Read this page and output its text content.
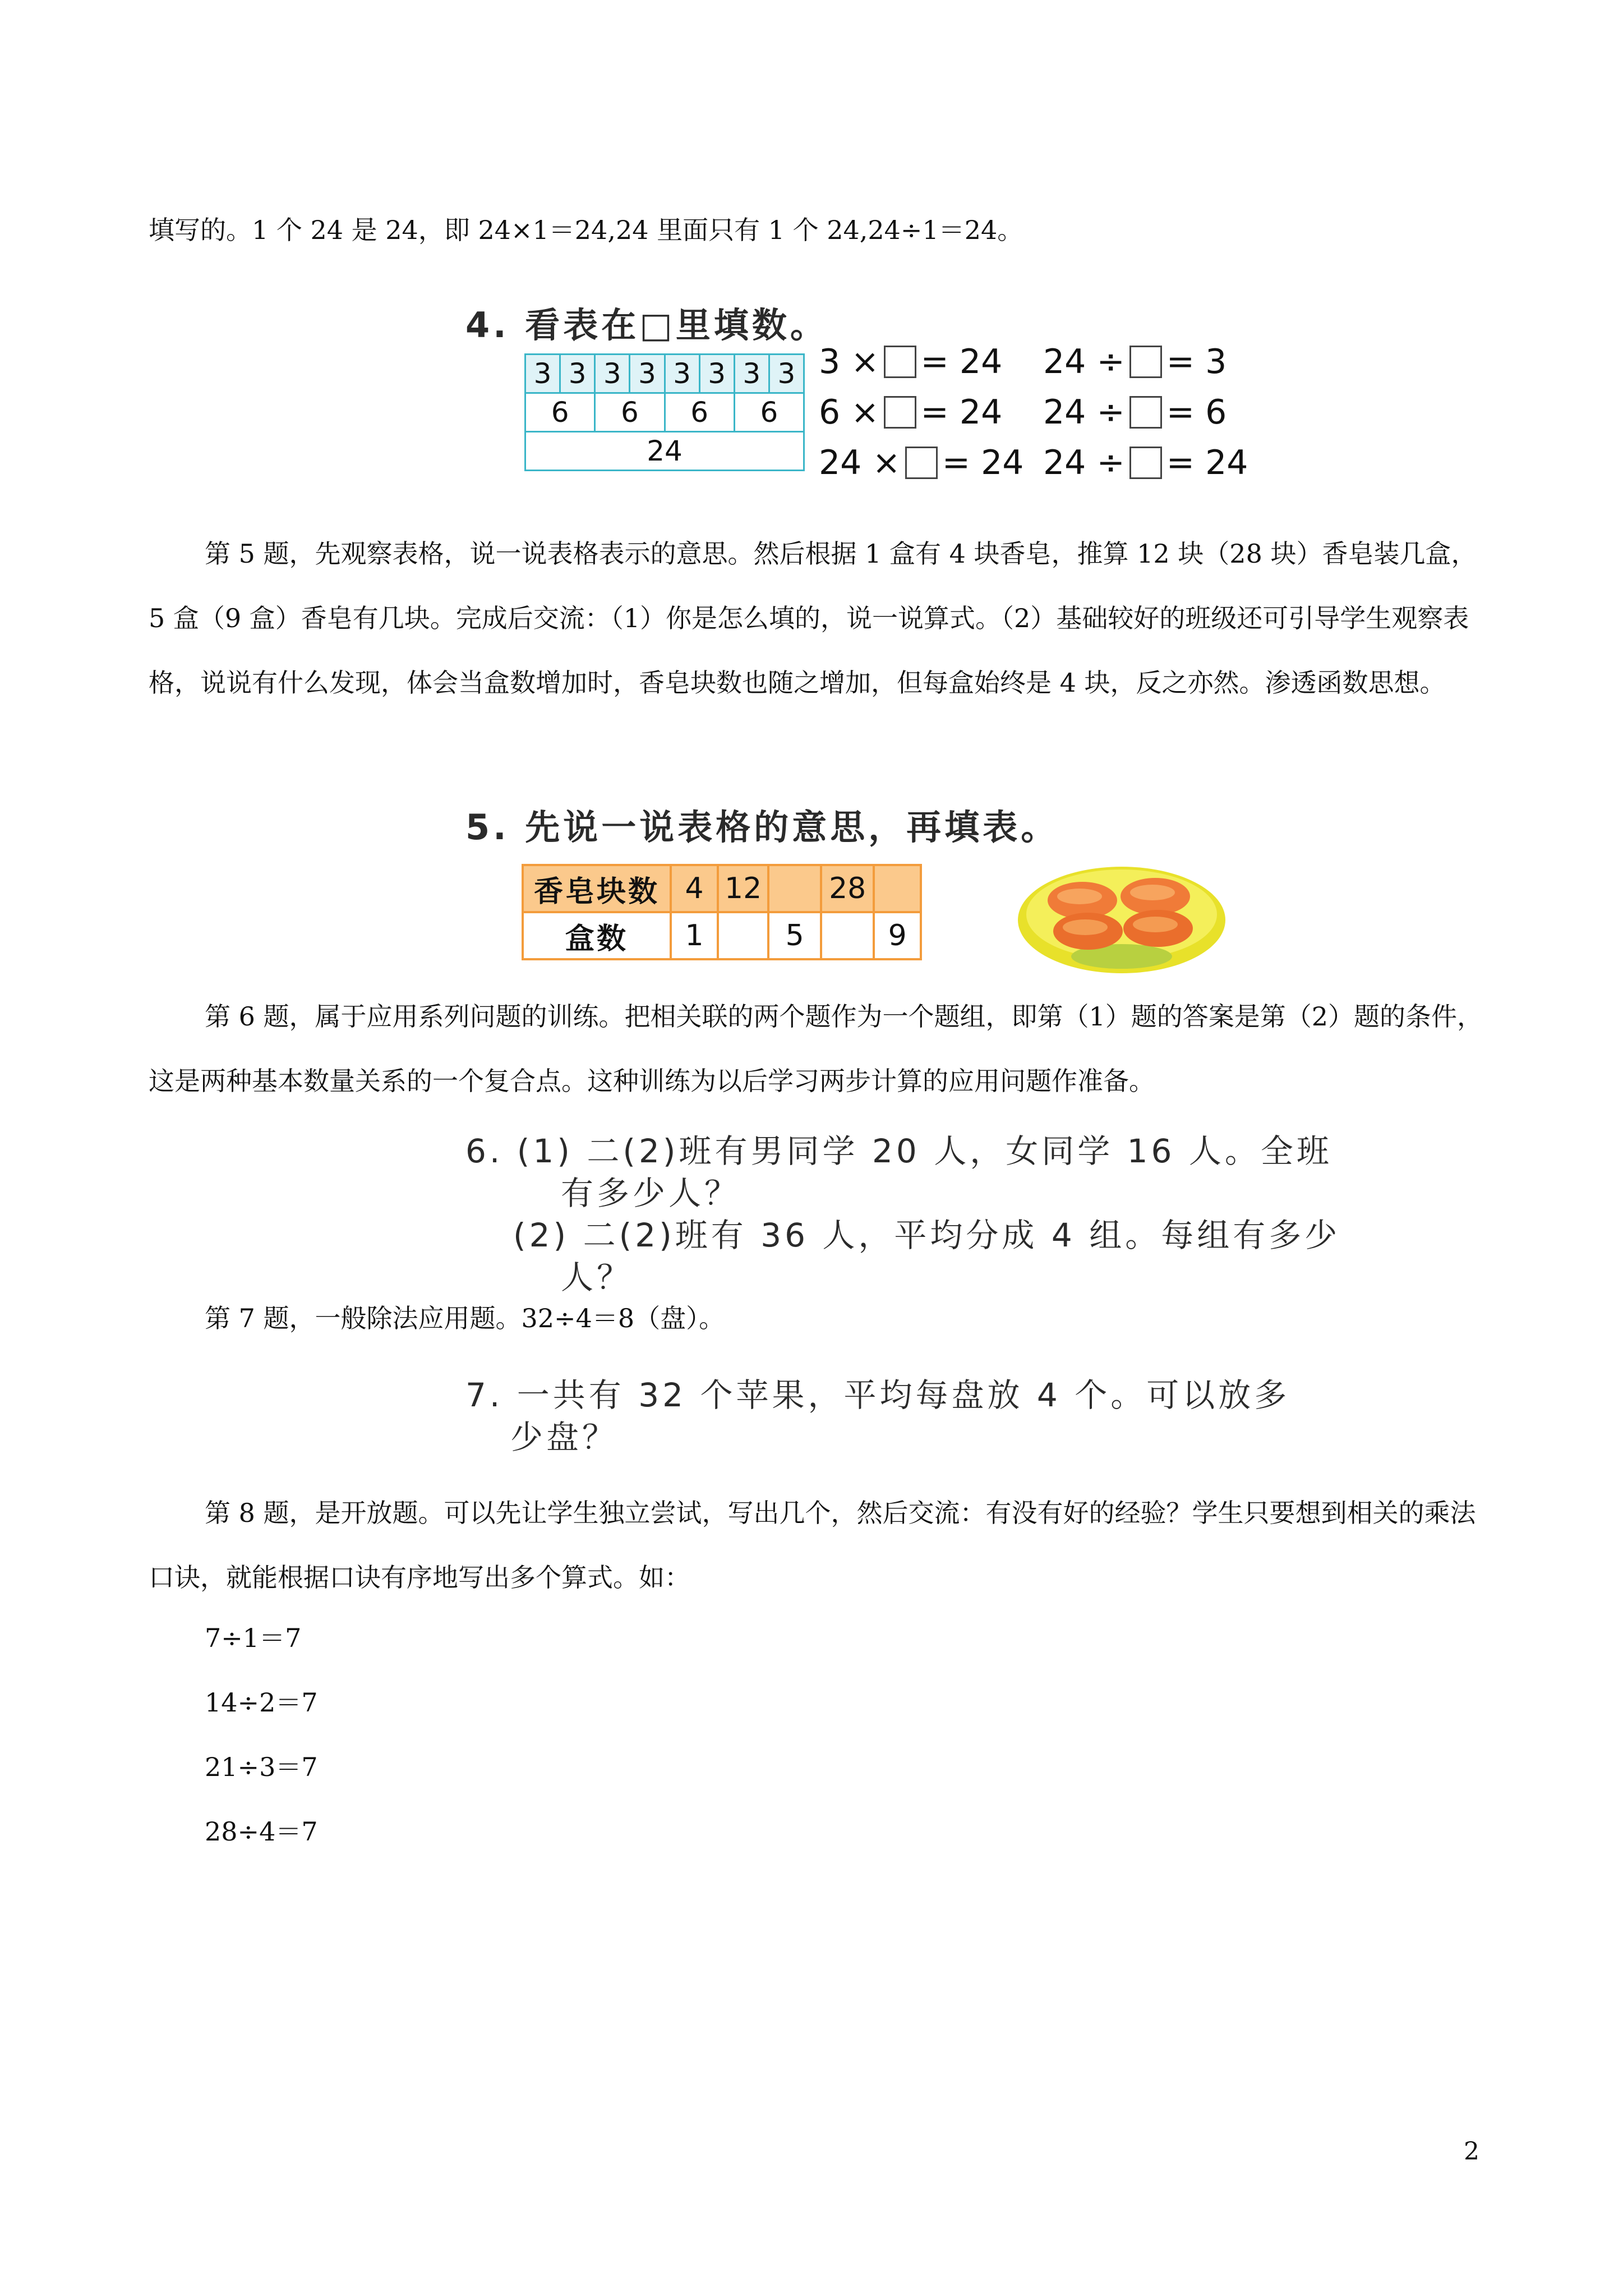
填写的。1 个 24 是 24，即 24×1＝24,24 里面只有 1 个 24,24÷1＝24。
4. 看表在□里填数。
3 3 3 3 3 3 3 3
6	6	6	6
24
3
× = 24 24
÷ = 3
6
× = 24 24
÷ = 6
24
× = 24 24
÷ = 24
第 5 题，先观察表格，说一说表格表示的意思。然后根据 1 盒有 4 块香皂，推算 12 块（28 块）香皂装几盒，5 盒（9 盒）香皂有几块。完成后交流：（1）你是怎么填的，说一说算式。（2）基础较好的班级还可引导学生观察表格，说说有什么发现，体会当盒数增加时，香皂块数也随之增加，但每盒始终是 4 块，反之亦然。渗透函数思想。
5. 先说一说表格的意思，再填表。
香皂块数	4	12		28	
盒数	1		5		9
第 6 题，属于应用系列问题的训练。把相关联的两个题作为一个题组，即第（1）题的答案是第（2）题的条件，这是两种基本数量关系的一个复合点。这种训练为以后学习两步计算的应用问题作准备。
6. (1) 二(2)班有男同学 20 人，女同学 16 人。全班
有多少人？
(2) 二(2)班有 36 人，平均分成 4 组。每组有多少
人？
第 7 题，一般除法应用题。32÷4＝8（盘）。
7. 一共有 32 个苹果，平均每盘放 4 个。可以放多
少盘？
第 8 题，是开放题。可以先让学生独立尝试，写出几个，然后交流：有没有好的经验？学生只要想到相关的乘法口诀，就能根据口诀有序地写出多个算式。如：
7÷1＝7
14÷2＝7
21÷3＝7
28÷4＝7
2
